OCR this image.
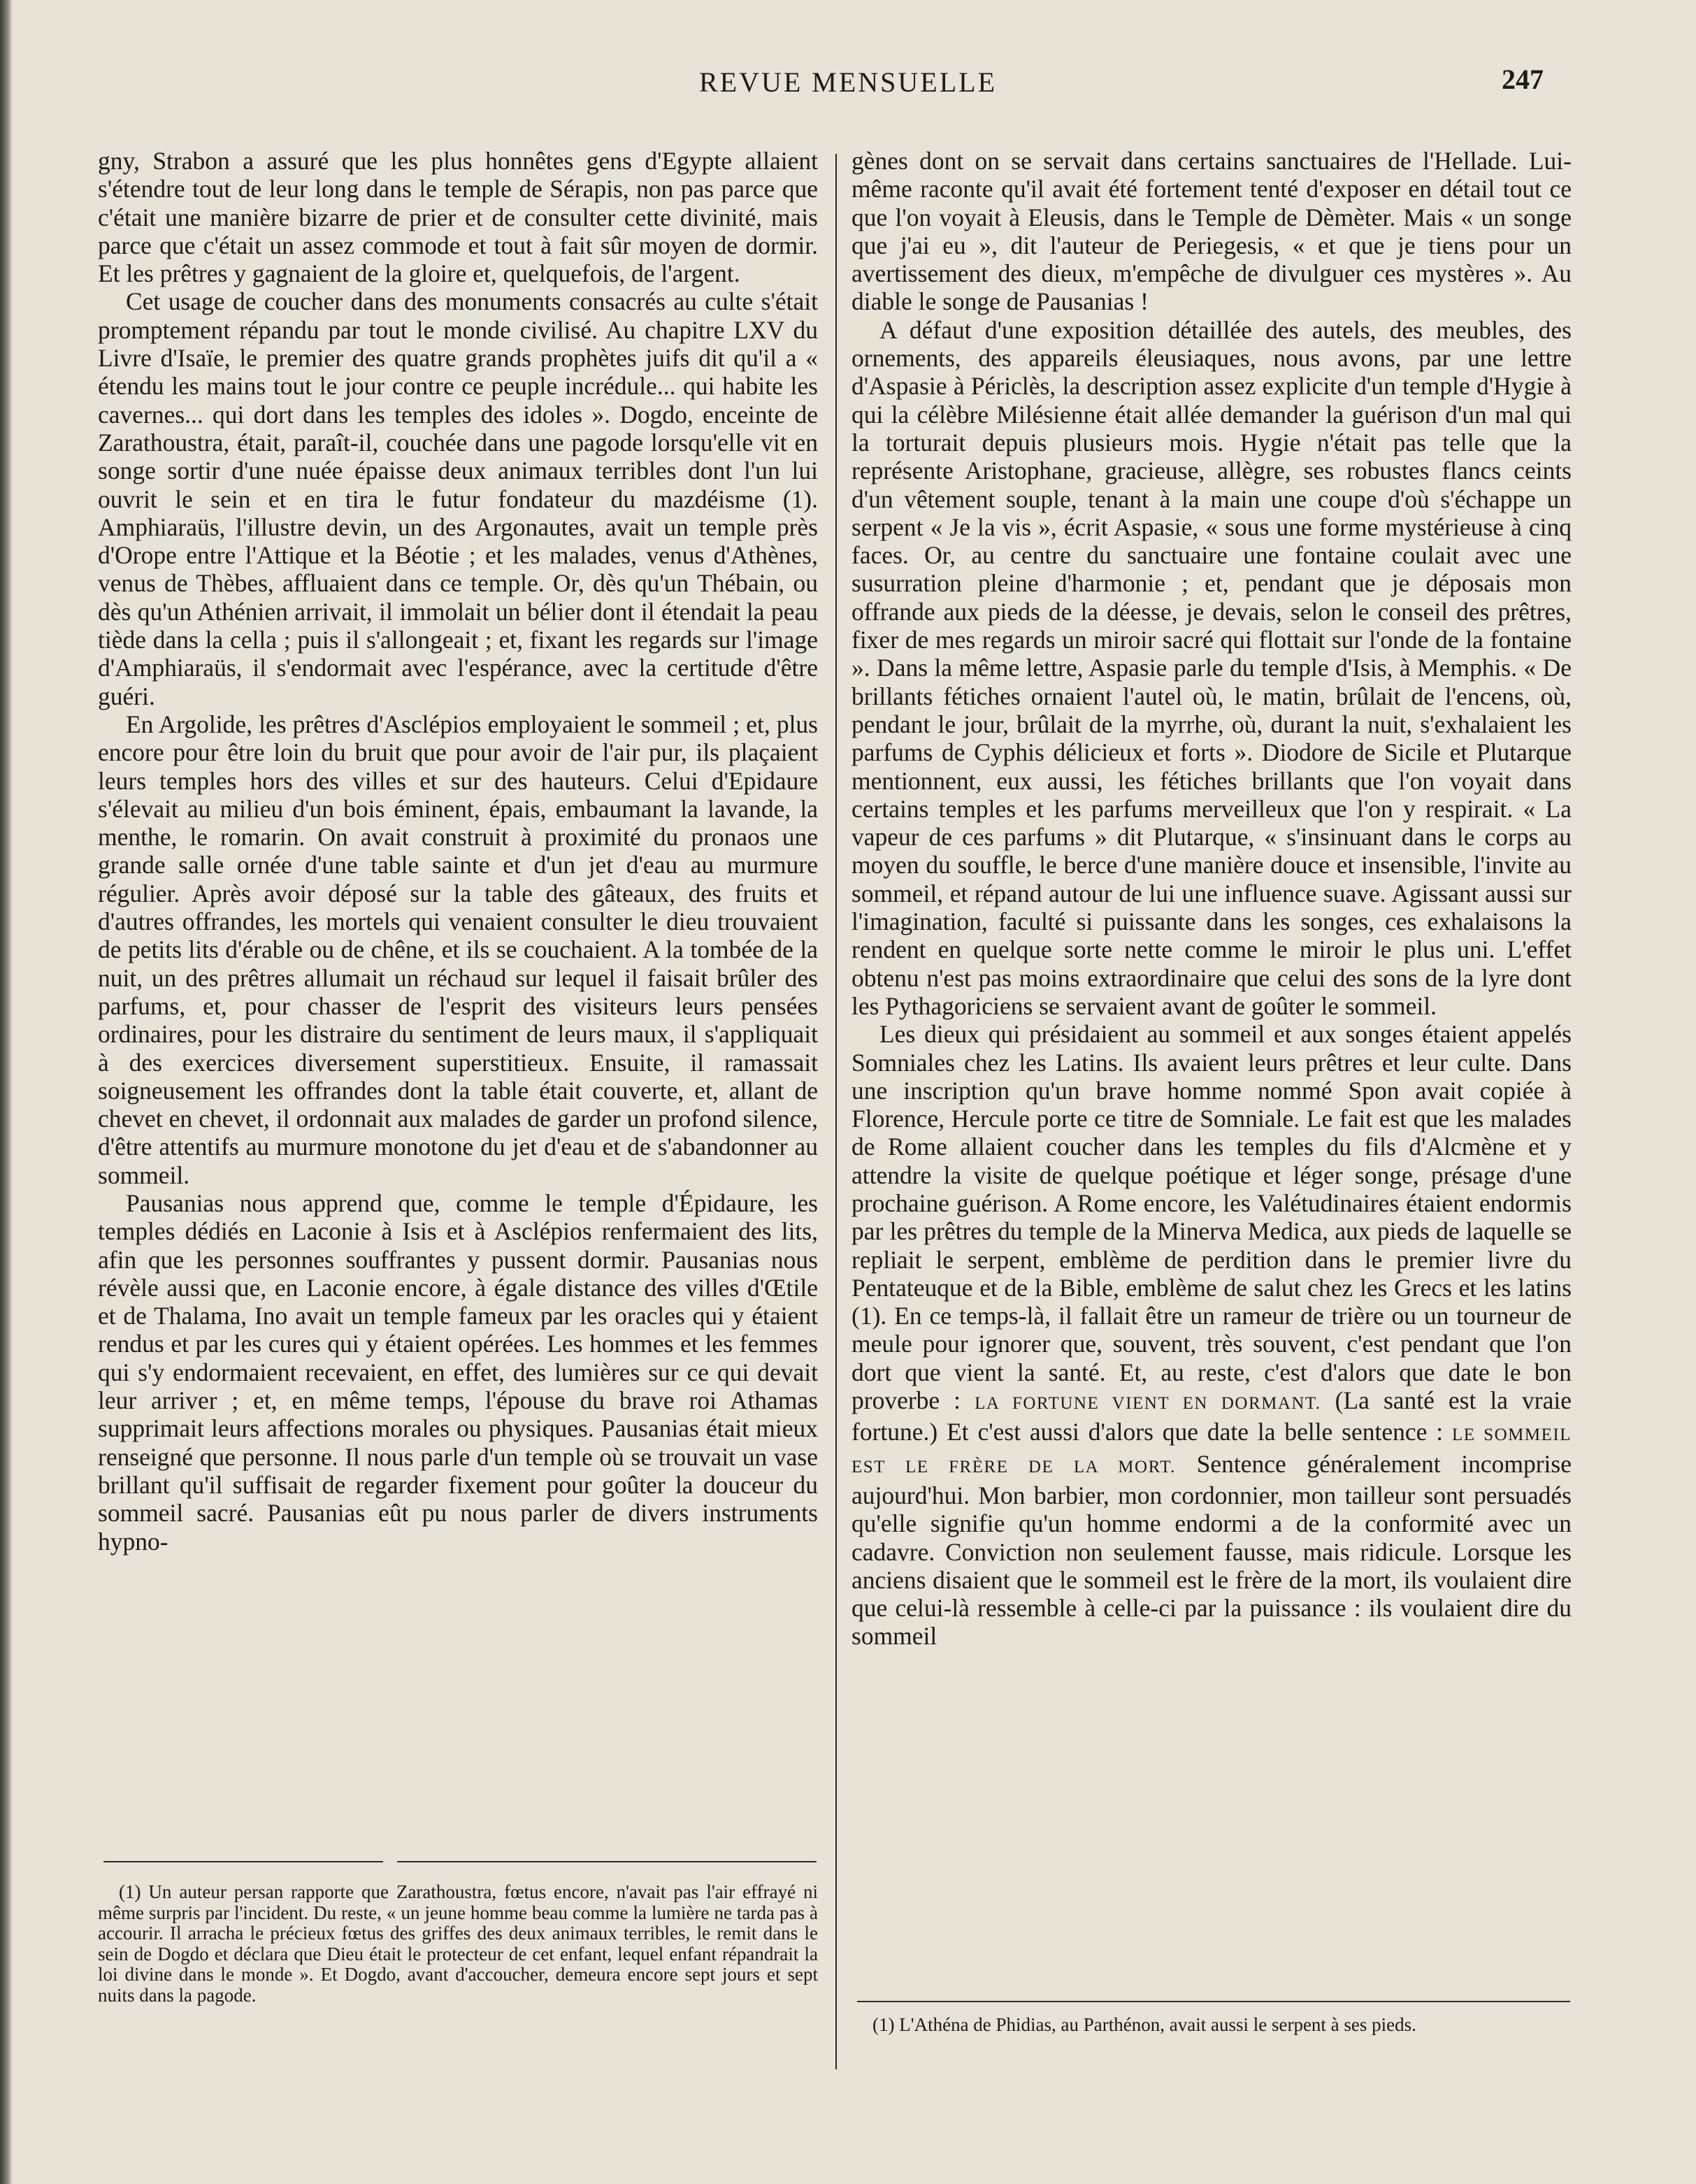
REVUE MENSUELLE	247

gny, Strabon a assuré que les plus honnêtes gens d'Egypte allaient s'étendre tout de leur long dans le temple de Sérapis, non pas parce que c'était une manière bizarre de prier et de consulter cette divinité, mais parce que c'était un assez commode et tout à fait sûr moyen de dormir. Et les prêtres y gagnaient de la gloire et, quelquefois, de l'argent.

Cet usage de coucher dans des monuments consacrés au culte s'était promptement répandu par tout le monde civilisé. Au chapitre LXV du Livre d'Isaïe, le premier des quatre grands prophètes juifs dit qu'il a « étendu les mains tout le jour contre ce peuple incrédule... qui habite les cavernes... qui dort dans les temples des idoles ». Dogdo, enceinte de Zarathoustra, était, paraît-il, couchée dans une pagode lorsqu'elle vit en songe sortir d'une nuée épaisse deux animaux terribles dont l'un lui ouvrit le sein et en tira le futur fondateur du mazdéisme (1). Amphiaraüs, l'illustre devin, un des Argonautes, avait un temple près d'Orope entre l'Attique et la Béotie ; et les malades, venus d'Athènes, venus de Thèbes, affluaient dans ce temple. Or, dès qu'un Thébain, ou dès qu'un Athénien arrivait, il immolait un bélier dont il étendait la peau tiède dans la cella ; puis il s'allongeait ; et, fixant les regards sur l'image d'Amphiaraüs, il s'endormait avec l'espérance, avec la certitude d'être guéri.

En Argolide, les prêtres d'Asclépios employaient le sommeil ; et, plus encore pour être loin du bruit que pour avoir de l'air pur, ils plaçaient leurs temples hors des villes et sur des hauteurs. Celui d'Epidaure s'élevait au milieu d'un bois éminent, épais, embaumant la lavande, la menthe, le romarin. On avait construit à proximité du pronaos une grande salle ornée d'une table sainte et d'un jet d'eau au murmure régulier. Après avoir déposé sur la table des gâteaux, des fruits et d'autres offrandes, les mortels qui venaient consulter le dieu trouvaient de petits lits d'érable ou de chêne, et ils se couchaient. A la tombée de la nuit, un des prêtres allumait un réchaud sur lequel il faisait brûler des parfums, et, pour chasser de l'esprit des visiteurs leurs pensées ordinaires, pour les distraire du sentiment de leurs maux, il s'appliquait à des exercices diversement superstitieux. Ensuite, il ramassait soigneusement les offrandes dont la table était couverte, et, allant de chevet en chevet, il ordonnait aux malades de garder un profond silence, d'être attentifs au murmure monotone du jet d'eau et de s'abandonner au sommeil.

Pausanias nous apprend que, comme le temple d'Épidaure, les temples dédiés en Laconie à Isis et à Asclépios renfermaient des lits, afin que les personnes souffrantes y pussent dormir. Pausanias nous révèle aussi que, en Laconie encore, à égale distance des villes d'Œtile et de Thalama, Ino avait un temple fameux par les oracles qui y étaient rendus et par les cures qui y étaient opérées. Les hommes et les femmes qui s'y endormaient recevaient, en effet, des lumières sur ce qui devait leur arriver ; et, en même temps, l'épouse du brave roi Athamas supprimait leurs affections morales ou physiques. Pausanias était mieux renseigné que personne. Il nous parle d'un temple où se trouvait un vase brillant qu'il suffisait de regarder fixement pour goûter la douceur du sommeil sacré. Pausanias eût pu nous parler de divers instruments hypno-

gènes dont on se servait dans certains sanctuaires de l'Hellade. Lui-même raconte qu'il avait été fortement tenté d'exposer en détail tout ce que l'on voyait à Eleusis, dans le Temple de Dèmèter. Mais « un songe que j'ai eu », dit l'auteur de Periegesis, « et que je tiens pour un avertissement des dieux, m'empêche de divulguer ces mystères ». Au diable le songe de Pausanias !

A défaut d'une exposition détaillée des autels, des meubles, des ornements, des appareils éleusiaques, nous avons, par une lettre d'Aspasie à Périclès, la description assez explicite d'un temple d'Hygie à qui la célèbre Milésienne était allée demander la guérison d'un mal qui la torturait depuis plusieurs mois. Hygie n'était pas telle que la représente Aristophane, gracieuse, allègre, ses robustes flancs ceints d'un vêtement souple, tenant à la main une coupe d'où s'échappe un serpent « Je la vis », écrit Aspasie, « sous une forme mystérieuse à cinq faces. Or, au centre du sanctuaire une fontaine coulait avec une susurration pleine d'harmonie ; et, pendant que je déposais mon offrande aux pieds de la déesse, je devais, selon le conseil des prêtres, fixer de mes regards un miroir sacré qui flottait sur l'onde de la fontaine ». Dans la même lettre, Aspasie parle du temple d'Isis, à Memphis. « De brillants fétiches ornaient l'autel où, le matin, brûlait de l'encens, où, pendant le jour, brûlait de la myrrhe, où, durant la nuit, s'exhalaient les parfums de Cyphis délicieux et forts ». Diodore de Sicile et Plutarque mentionnent, eux aussi, les fétiches brillants que l'on voyait dans certains temples et les parfums merveilleux que l'on y respirait. « La vapeur de ces parfums » dit Plutarque, « s'insinuant dans le corps au moyen du souffle, le berce d'une manière douce et insensible, l'invite au sommeil, et répand autour de lui une influence suave. Agissant aussi sur l'imagination, faculté si puissante dans les songes, ces exhalaisons la rendent en quelque sorte nette comme le miroir le plus uni. L'effet obtenu n'est pas moins extraordinaire que celui des sons de la lyre dont les Pythagoriciens se servaient avant de goûter le sommeil.

Les dieux qui présidaient au sommeil et aux songes étaient appelés Somniales chez les Latins. Ils avaient leurs prêtres et leur culte. Dans une inscription qu'un brave homme nommé Spon avait copiée à Florence, Hercule porte ce titre de Somniale. Le fait est que les malades de Rome allaient coucher dans les temples du fils d'Alcmène et y attendre la visite de quelque poétique et léger songe, présage d'une prochaine guérison. A Rome encore, les Valétudinaires étaient endormis par les prêtres du temple de la Minerva Medica, aux pieds de laquelle se repliait le serpent, emblème de perdition dans le premier livre du Pentateuque et de la Bible, emblème de salut chez les Grecs et les latins (1). En ce temps-là, il fallait être un rameur de trière ou un tourneur de meule pour ignorer que, souvent, très souvent, c'est pendant que l'on dort que vient la santé. Et, au reste, c'est d'alors que date le bon proverbe : LA FORTUNE VIENT EN DORMANT. (La santé est la vraie fortune.) Et c'est aussi d'alors que date la belle sentence : LE SOMMEIL EST LE FRÈRE DE LA MORT. Sentence généralement incomprise aujourd'hui. Mon barbier, mon cordonnier, mon tailleur sont persuadés qu'elle signifie qu'un homme endormi a de la conformité avec un cadavre. Conviction non seulement fausse, mais ridicule. Lorsque les anciens disaient que le sommeil est le frère de la mort, ils voulaient dire que celui-là ressemble à celle-ci par la puissance : ils voulaient dire du sommeil

(1) Un auteur persan rapporte que Zarathoustra, fœtus encore, n'avait pas l'air effrayé ni même surpris par l'incident. Du reste, « un jeune homme beau comme la lumière ne tarda pas à accourir. Il arracha le précieux fœtus des griffes des deux animaux terribles, le remit dans le sein de Dogdo et déclara que Dieu était le protecteur de cet enfant, lequel enfant répandrait la loi divine dans le monde ». Et Dogdo, avant d'accoucher, demeura encore sept jours et sept nuits dans la pagode.

(1) L'Athéna de Phidias, au Parthénon, avait aussi le serpent à ses pieds.
